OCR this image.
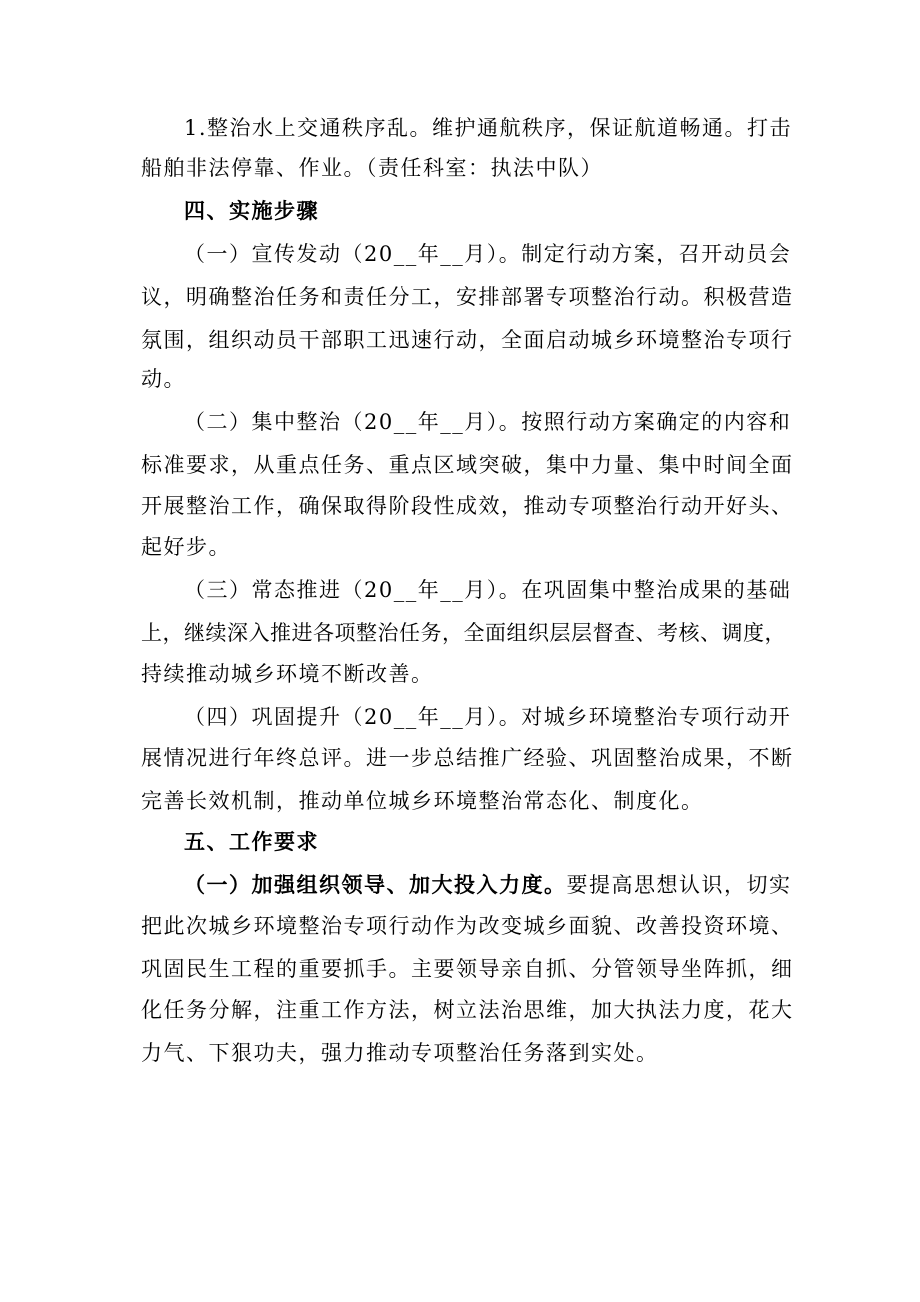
1.整治水上交通秩序乱。维护通航秩序，保证航道畅通。打击
船舶非法停靠、作业。（责任科室：执法中队）
四、实施步骤
（一）宣传发动（20__年__月）。制定行动方案，召开动员会
议，明确整治任务和责任分工，安排部署专项整治行动。积极营造
氛围，组织动员干部职工迅速行动，全面启动城乡环境整治专项行
动。
（二）集中整治（20__年__月）。按照行动方案确定的内容和
标准要求，从重点任务、重点区域突破，集中力量、集中时间全面
开展整治工作，确保取得阶段性成效，推动专项整治行动开好头、
起好步。
（三）常态推进（20__年__月）。在巩固集中整治成果的基础
上，继续深入推进各项整治任务，全面组织层层督查、考核、调度，
持续推动城乡环境不断改善。
（四）巩固提升（20__年__月）。对城乡环境整治专项行动开
展情况进行年终总评。进一步总结推广经验、巩固整治成果，不断
完善长效机制，推动单位城乡环境整治常态化、制度化。
五、工作要求
（一）加强组织领导、加大投入力度。要提高思想认识，切实
把此次城乡环境整治专项行动作为改变城乡面貌、改善投资环境、
巩固民生工程的重要抓手。主要领导亲自抓、分管领导坐阵抓，细
化任务分解，注重工作方法，树立法治思维，加大执法力度，花大
力气、下狠功夫，强力推动专项整治任务落到实处。
